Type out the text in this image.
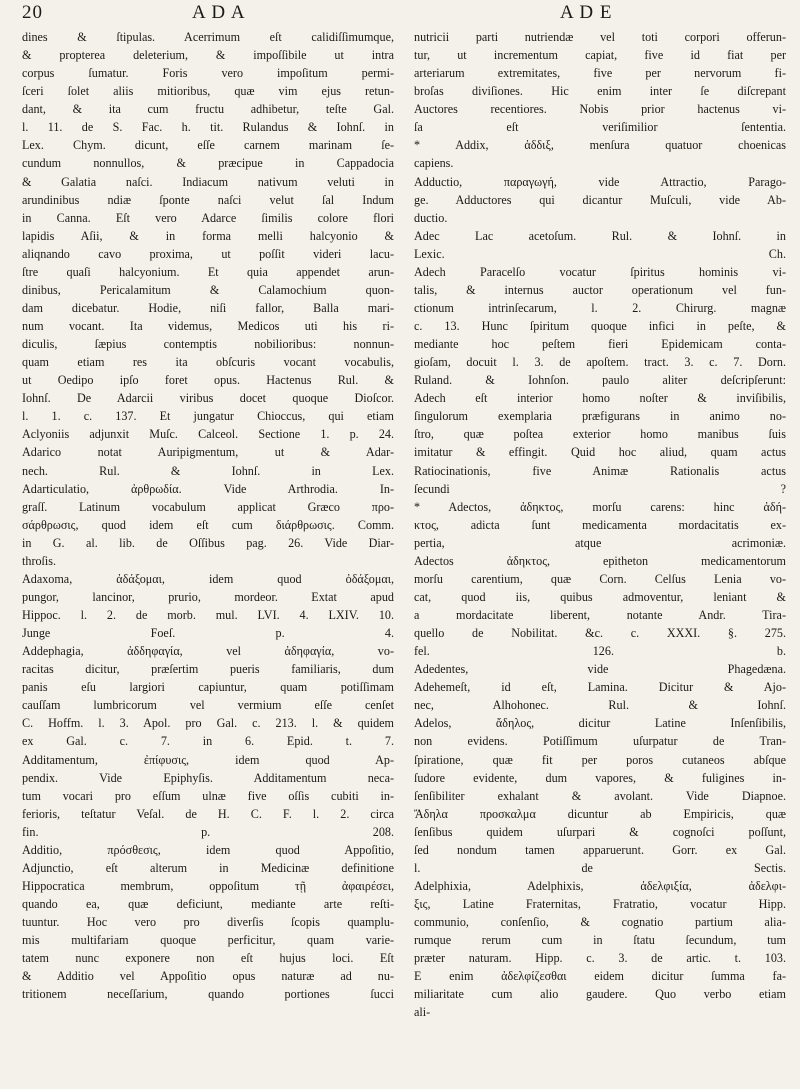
20	A D A	A D E
dines & ſtipulas. Acerrimum eſt calidiſſimumque,
& propterea deleterium, & impoſſibile ut intra
corpus ſumatur. Foris vero impoſitum permi-
ſceri ſolet aliis mitioribus, quæ vim ejus retun-
dant, & ita cum fructu adhibetur, teſte Gal.
l. 11. de S. Fac. h. tit. Rulandus & Iohnſ. in
Lex. Chym. dicunt, eſſe carnem marinam ſe-
cundum nonnullos, & præcipue in Cappadocia
& Galatia naſci. Indiacum nativum veluti in
arundinibus ndiæ ſponte naſci velut ſal Indum
in Canna. Eſt vero Adarce ſimilis colore flori
lapidis Aſii, & in forma melli halcyonio &
aliqnando cavo proxima, ut poſſit videri lacu-
ſtre quaſi halcyonium. Et quia appendet arun-
dinibus, Pericalamitum & Calamochium quon-
dam dicebatur. Hodie, niſi fallor, Balla mari-
num vocant. Ita videmus, Medicos uti his ri-
diculis, ſæpius contemptis nobilioribus: nonnun-
quam etiam res ita obſcuris vocant vocabulis,
ut Oedipo ipſo foret opus. Hactenus Rul. &
Iohnſ. De Adarcii viribus docet quoque Dioſcor.
l. 1. c. 137. Et jungatur Chioccus, qui etiam
Aclyoniis adjunxit Muſc. Calceol. Sectione 1. p. 24.
Adarico notat Auripigmentum, ut & Adar-
nech. Rul. & Iohnſ. in Lex.
Adarticulatio, ἀρθρωδία. Vide Arthrodia. In-
graſſ. Latinum vocabulum applicat Græco προ-
σάρθρωσις, quod idem eſt cum διάρθρωσις. Comm.
in G. al. lib. de Oſſibus pag. 26. Vide Diar-
throſis.
Adaxoma, ἀδάξομαι, idem quod ὀδάξομαι,
pungor, lancinor, prurio, mordeor. Extat apud
Hippoc. l. 2. de morb. mul. LVI. 4. LXIV. 10.
Junge Foeſ. p. 4.
Addephagia, ἀδδηφαγία, vel ἀδηφαγία, vo-
racitas dicitur, præſertim pueris familiaris, dum
panis eſu largiori capiuntur, quam potiſſimam
cauſſam lumbricorum vel vermium eſſe cenſet
C. Hoffm. l. 3. Apol. pro Gal. c. 213. l. & quidem
ex Gal. c. 7. in 6. Epid. t. 7.
Additamentum, ἐπίφυσις, idem quod Ap-
pendix. Vide Epiphyſis. Additamentum neca-
tum vocari pro eſſum ulnæ five oſſis cubiti in-
ferioris, teſtatur Veſal. de H. C. F. l. 2. circa
fin. p. 208.
Additio, πρόσθεσις, idem quod Appoſitio,
Adjunctio, eſt alterum in Medicinæ definitione
Hippocratica membrum, oppoſitum τῇ ἀφαιρέσει,
quando ea, quæ deficiunt, mediante arte reſti-
tuuntur. Hoc vero pro diverſis ſcopis quamplu-
mis multifariam quoque perficitur, quam varie-
tatem nunc exponere non eſt hujus loci. Eſt
& Additio vel Appoſitio opus naturæ ad nu-
tritionem neceſſarium, quando portiones ſucci
nutricii parti nutriendæ vel toti corpori offerun-
tur, ut incrementum capiat, five id fiat per
arteriarum extremitates, five per nervorum fi-
broſas diviſiones. Hic enim inter ſe diſcrepant
Auctores recentiores. Nobis prior hactenus vi-
ſa eſt veriſimilior ſententia.
* Addix, ἀδδιξ, menſura quatuor choenicas
capiens.
Adductio, παραγωγή, vide Attractio, Parago-
ge. Adductores qui dicantur Muſculi, vide Ab-
ductio.
Adec Lac acetoſum. Rul. & Iohnſ. in
Lexic. Ch.
Adech Paracelſo vocatur ſpiritus hominis vi-
talis, & internus auctor operationum vel fun-
ctionum intrinſecarum, l. 2. Chirurg. magnæ
c. 13. Hunc ſpiritum quoque infici in peſte, &
mediante hoc peſtem fieri Epidemicam conta-
gioſam, docuit l. 3. de apoſtem. tract. 3. c. 7. Dorn.
Ruland. & Iohnſon. paulo aliter deſcripſerunt:
Adech eſt interior homo noſter & inviſibilis,
ſingulorum exemplaria præfigurans in animo no-
ſtro, quæ poſtea exterior homo manibus ſuis
imitatur & effingit. Quid hoc aliud, quam actus
Ratiocinationis, five Animæ Rationalis actus
ſecundi ?
* Adectos, ἀδηκτος, morſu carens: hinc ἀδή-
κτος, adicta ſunt medicamenta mordacitatis ex-
pertia, atque acrimoniæ.
Adectos ἀδηκτος, epitheton medicamentorum
morſu carentium, quæ Corn. Celſus Lenia vo-
cat, quod iis, quibus admoventur, leniant &
a mordacitate liberent, notante Andr. Tira-
quello de Nobilitat. &c. c. XXXI. §. 275.
fel. 126. b.
Adedentes, vide Phagedæna.
Adehemeſt, id eſt, Lamina. Dicitur & Ajo-
nec, Alhohonec. Rul. & Iohnſ.
Adelos, ἄδηλος, dicitur Latine Inſenſibilis,
non evidens. Potiſſimum uſurpatur de Tran-
ſpiratione, quæ fit per poros cutaneos abſque
ſudore evidente, dum vapores, & fuligines in-
ſenſibiliter exhalant & avolant. Vide Diapnoe.
Ἄδηλα προσκαλμα dicuntur ab Empiricis, quæ
ſenſibus quidem uſurpari & cognoſci poſſunt,
ſed nondum tamen apparuerunt. Gorr. ex Gal.
l. de Sectis.
Adelphixia, Adelphixis, ἀδελφιξία, ἀδελφι-
ξις, Latine Fraternitas, Fratratio, vocatur Hipp.
communio, conſenſio, & cognatio partium alia-
rumque rerum cum in ſtatu ſecundum, tum
præter naturam. Hipp. c. 3. de artic. t. 103.
E enim ἀδελφίζεσθαι eidem dicitur ſumma fa-
miliaritate cum alio gaudere. Quo verbo etiam
ali-
